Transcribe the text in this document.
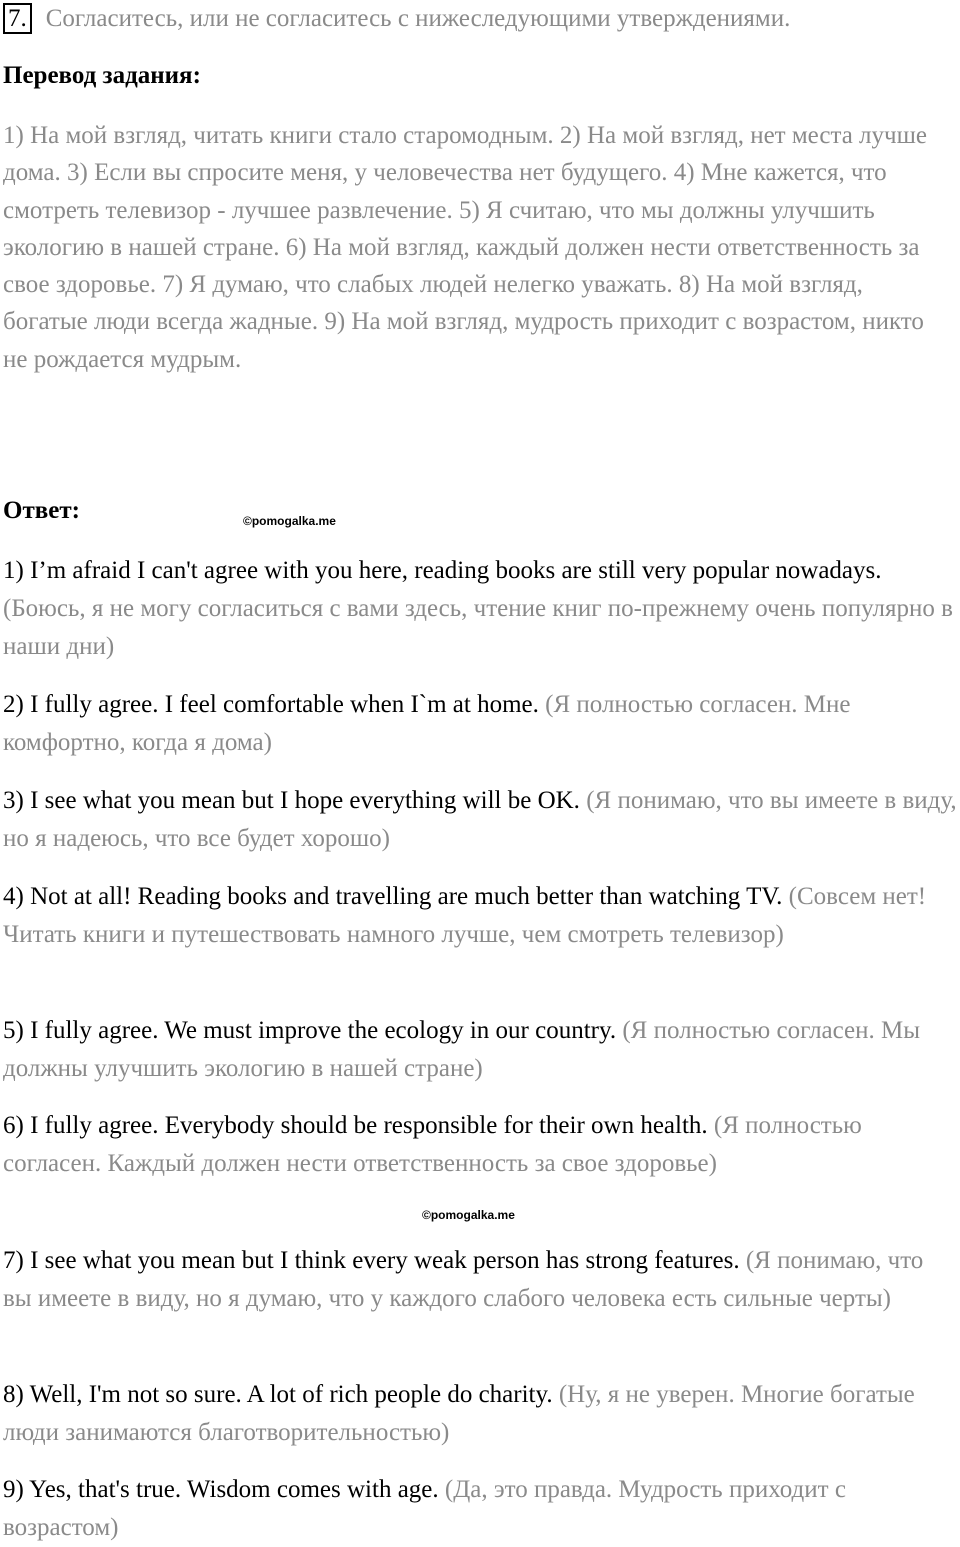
7. Согласитесь, или не согласитесь с нижеследующими утверждениями.

Перевод задания:

1) На мой взгляд, читать книги стало старомодным. 2) На мой взгляд, нет места лучше дома. 3) Если вы спросите меня, у человечества нет будущего. 4) Мне кажется, что смотреть телевизор - лучшее развлечение. 5) Я считаю, что мы должны улучшить экологию в нашей стране. 6) На мой взгляд, каждый должен нести ответственность за свое здоровье. 7) Я думаю, что слабых людей нелегко уважать. 8) На мой взгляд, богатые люди всегда жадные. 9) На мой взгляд, мудрость приходит с возрастом, никто не рождается мудрым.

Ответ:	©pomogalka.me

1) I’m afraid I can't agree with you here, reading books are still very popular nowadays. (Боюсь, я не могу согласиться с вами здесь, чтение книг по-прежнему очень популярно в наши дни)

2) I fully agree. I feel comfortable when I`m at home. (Я полностью согласен. Мне комфортно, когда я дома)

3) I see what you mean but I hope everything will be OK. (Я понимаю, что вы имеете в виду, но я надеюсь, что все будет хорошо)

4) Not at all! Reading books and travelling are much better than watching TV. (Совсем нет! Читать книги и путешествовать намного лучше, чем смотреть телевизор)

5) I fully agree. We must improve the ecology in our country. (Я полностью согласен. Мы должны улучшить экологию в нашей стране)

6) I fully agree. Everybody should be responsible for their own health. (Я полностью согласен. Каждый должен нести ответственность за свое здоровье)

©pomogalka.me

7) I see what you mean but I think every weak person has strong features. (Я понимаю, что вы имеете в виду, но я думаю, что у каждого слабого человека есть сильные черты)

8) Well, I'm not so sure. A lot of rich people do charity. (Ну, я не уверен. Многие богатые люди занимаются благотворительностью)

9) Yes, that's true. Wisdom comes with age. (Да, это правда. Мудрость приходит с возрастом)
